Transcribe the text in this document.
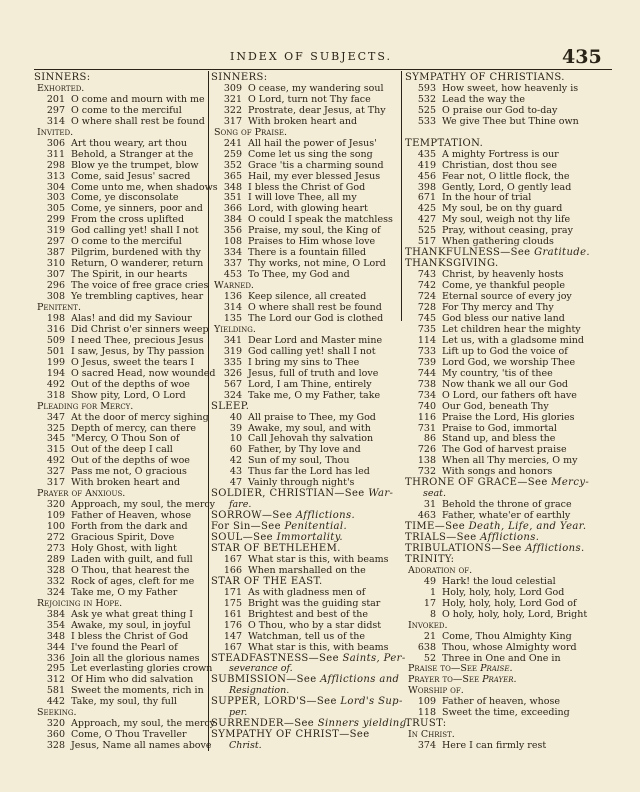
INDEX OF SUBJECTS.	435
SINNERS:
Exhorted.
201 O come and mourn with me
297 O come to the merciful
314 O where shall rest be found
Invited.
306 Art thou weary, art thou
311 Behold, a Stranger at the
298 Blow ye the trumpet, blow
313 Come, said Jesus' sacred
304 Come unto me, when shadows
303 Come, ye disconsolate
305 Come, ye sinners, poor and
299 From the cross uplifted
319 God calling yet! shall I not
297 O come to the merciful
387 Pilgrim, burdened with thy
310 Return, O wanderer, return
307 The Spirit, in our hearts
296 The voice of free grace cries
308 Ye trembling captives, hear
Penitent.
198 Alas! and did my Saviour
316 Did Christ o'er sinners weep
509 I need Thee, precious Jesus
501 I saw, Jesus, by Thy passion
199 O Jesus, sweet the tears I
194 O sacred Head, now wounded
492 Out of the depths of woe
318 Show pity, Lord, O Lord
Pleading for Mercy.
347 At the door of mercy sighing
325 Depth of mercy, can there
345 "Mercy, O Thou Son of
315 Out of the deep I call
492 Out of the depths of woe
327 Pass me not, O gracious
317 With broken heart and
Prayer of Anxious.
320 Approach, my soul, the mercy
109 Father of Heaven, whose
100 Forth from the dark and
272 Gracious Spirit, Dove
273 Holy Ghost, with light
289 Laden with guilt, and full
328 O Thou, that hearest the
332 Rock of ages, cleft for me
324 Take me, O my Father
Rejoicing in Hope.
384 Ask ye what great thing I
354 Awake, my soul, in joyful
348 I bless the Christ of God
344 I've found the Pearl of
336 Join all the glorious names
295 Let everlasting glories crown
312 Of Him who did salvation
581 Sweet the moments, rich in
442 Take, my soul, thy full
Seeking.
320 Approach, my soul, the mercy
360 Come, O Thou Traveller
328 Jesus, Name all names above
SINNERS:
309 O cease, my wandering soul
321 O Lord, turn not Thy face
322 Prostrate, dear Jesus, at Thy
317 With broken heart and
Song of Praise.
241 All hail the power of Jesus'
259 Come let us sing the song
352 Grace 'tis a charming sound
365 Hail, my ever blessed Jesus
348 I bless the Christ of God
351 I will love Thee, all my
366 Lord, with glowing heart
384 O could I speak the matchless
356 Praise, my soul, the King of
108 Praises to Him whose love
334 There is a fountain filled
337 Thy works, not mine, O Lord
453 To Thee, my God and
Warned.
136 Keep silence, all created
314 O where shall rest be found
135 The Lord our God is clothed
Yielding.
341 Dear Lord and Master mine
319 God calling yet! shall I not
335 I bring my sins to Thee
326 Jesus, full of truth and love
567 Lord, I am Thine, entirely
324 Take me, O my Father, take
SLEEP.
40 All praise to Thee, my God
39 Awake, my soul, and with
10 Call Jehovah thy salvation
60 Father, by Thy love and
42 Sun of my soul, Thou
43 Thus far the Lord has led
47 Vainly through night's
SOLDIER, CHRISTIAN—See War-
fare.
SORROW—See Afflictions.
For Sin—See Penitential.
SOUL—See Immortality.
STAR OF BETHLEHEM.
167 What star is this, with beams
166 When marshalled on the
STAR OF THE EAST.
171 As with gladness men of
175 Bright was the guiding star
161 Brightest and best of the
176 O Thou, who by a star didst
147 Watchman, tell us of the
167 What star is this, with beams
STEADFASTNESS—See Saints, Per-
severance of.
SUBMISSION—See Afflictions and
Resignation.
SUPPER, LORD'S—See Lord's Sup-
per.
SURRENDER—See Sinners yielding.
SYMPATHY OF CHRIST—See
Christ.
SYMPATHY OF CHRISTIANS.
593 How sweet, how heavenly is
532 Lead the way the
525 O praise our God to-day
533 We give Thee but Thine own

TEMPTATION.
435 A mighty Fortress is our
419 Christian, dost thou see
456 Fear not, O little flock, the
398 Gently, Lord, O gently lead
671 In the hour of trial
425 My soul, be on thy guard
427 My soul, weigh not thy life
525 Pray, without ceasing, pray
517 When gathering clouds
THANKFULNESS—See Gratitude.
THANKSGIVING.
743 Christ, by heavenly hosts
742 Come, ye thankful people
724 Eternal source of every joy
728 For Thy mercy and Thy
745 God bless our native land
735 Let children hear the mighty
114 Let us, with a gladsome mind
733 Lift up to God the voice of
739 Lord God, we worship Thee
744 My country, 'tis of thee
738 Now thank we all our God
734 O Lord, our fathers oft have
740 Our God, beneath Thy
116 Praise the Lord, His glories
731 Praise to God, immortal
86 Stand up, and bless the
726 The God of harvest praise
138 When all Thy mercies, O my
732 With songs and honors
THRONE OF GRACE—See Mercy-
seat.
31 Behold the throne of grace
463 Father, whate'er of earthly
TIME—See Death, Life, and Year.
TRIALS—See Afflictions.
TRIBULATIONS—See Afflictions.
TRINITY:
Adoration of.
49 Hark! the loud celestial
1 Holy, holy, holy, Lord God
17 Holy, holy, holy, Lord God of
8 O holy, holy, holy, Lord, Bright
Invoked.
21 Come, Thou Almighty King
638 Thou, whose Almighty word
52 Three in One and One in
Praise to—See Praise.
Prayer to—See Prayer.
Worship of.
109 Father of heaven, whose
118 Sweet the time, exceeding
TRUST:
In Christ.
374 Here I can firmly rest
